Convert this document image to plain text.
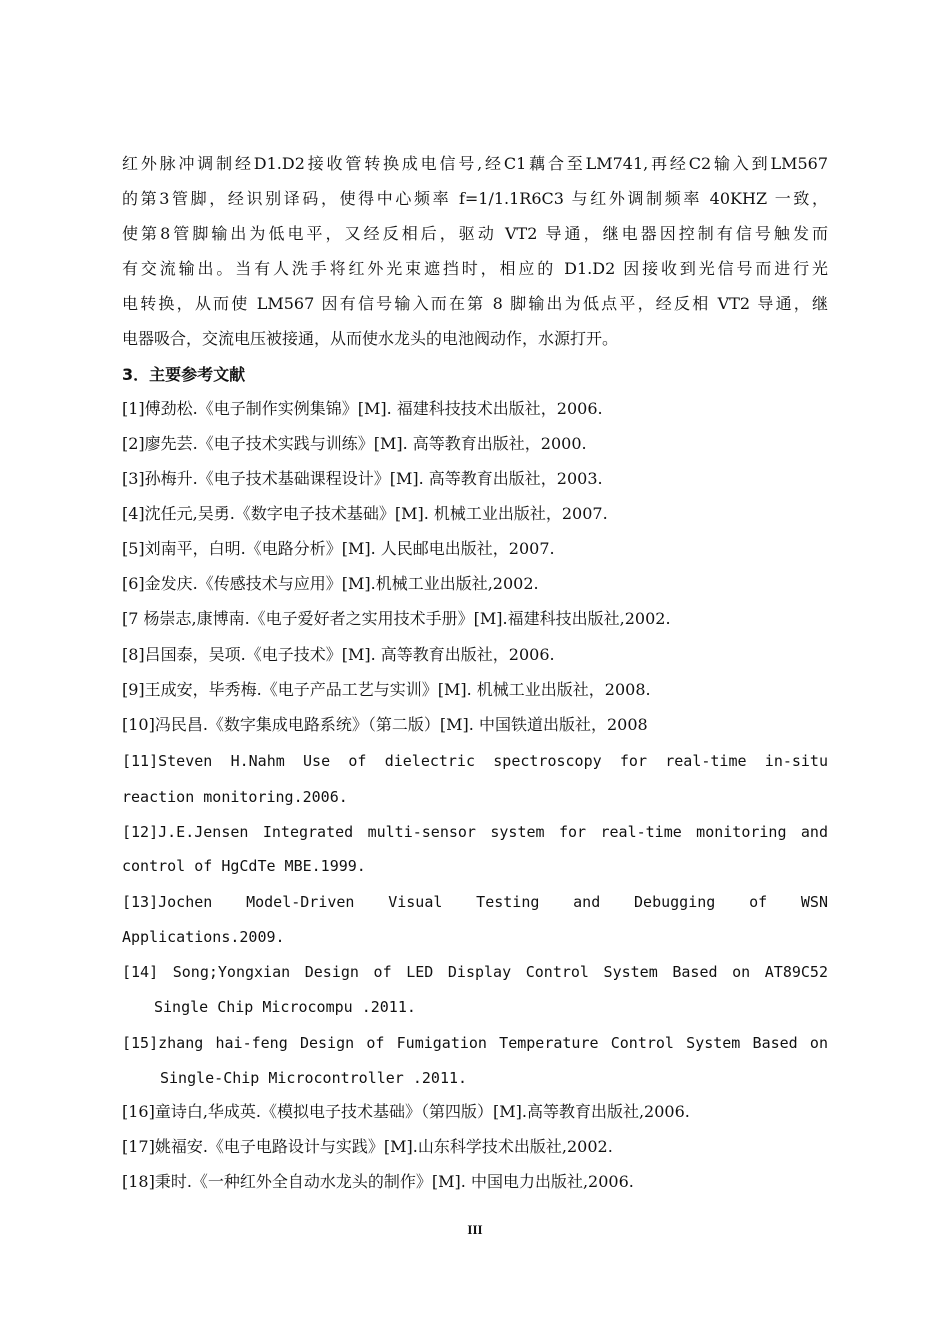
红外脉冲调制经D1.D2接收管转换成电信号,经C1藕合至LM741,再经C2输入到LM567
的第3管脚，经识别译码，使得中心频率 f=1/1.1R6C3 与红外调制频率 40KHZ 一致，
使第8管脚输出为低电平，又经反相后，驱动 VT2 导通，继电器因控制有信号触发而
有交流输出。当有人洗手将红外光束遮挡时，相应的 D1.D2 因接收到光信号而进行光
电转换，从而使 LM567 因有信号输入而在第 8 脚输出为低点平，经反相 VT2 导通，继
电器吸合，交流电压被接通，从而使水龙头的电池阀动作，水源打开。
3．主要参考文献
[1]傅劲松.《电子制作实例集锦》[M]. 福建科技技术出版社，2006.
[2]廖先芸.《电子技术实践与训练》[M]. 高等教育出版社，2000.
[3]孙梅升.《电子技术基础课程设计》[M]. 高等教育出版社，2003.
[4]沈任元,吴勇.《数字电子技术基础》[M]. 机械工业出版社，2007.
[5]刘南平，白明.《电路分析》[M]. 人民邮电出版社，2007.
[6]金发庆.《传感技术与应用》[M].机械工业出版社,2002.
[7 杨崇志,康博南.《电子爱好者之实用技术手册》[M].福建科技出版社,2002.
[8]吕国泰，吴项.《电子技术》[M]. 高等教育出版社，2006.
[9]王成安，毕秀梅.《电子产品工艺与实训》[M]. 机械工业出版社，2008.
[10]冯民昌.《数字集成电路系统》（第二版）[M]. 中国铁道出版社，2008
[11]Steven H.Nahm Use of dielectric spectroscopy for real-time in-situ
reaction monitoring.2006.
[12]J.E.Jensen Integrated multi-sensor system for real-time monitoring and
control of HgCdTe MBE.1999.
[13]Jochen Model-Driven Visual Testing and Debugging of WSN
Applications.2009.
[14] Song;Yongxian Design of LED Display Control System Based on AT89C52
Single Chip Microcompu .2011.
[15]zhang hai-feng Design of Fumigation Temperature Control System Based on
Single-Chip Microcontroller .2011.
[16]童诗白,华成英.《模拟电子技术基础》（第四版）[M].高等教育出版社,2006.
[17]姚福安.《电子电路设计与实践》[M].山东科学技术出版社,2002.
[18]秉时.《一种红外全自动水龙头的制作》[M]. 中国电力出版社,2006.
III
